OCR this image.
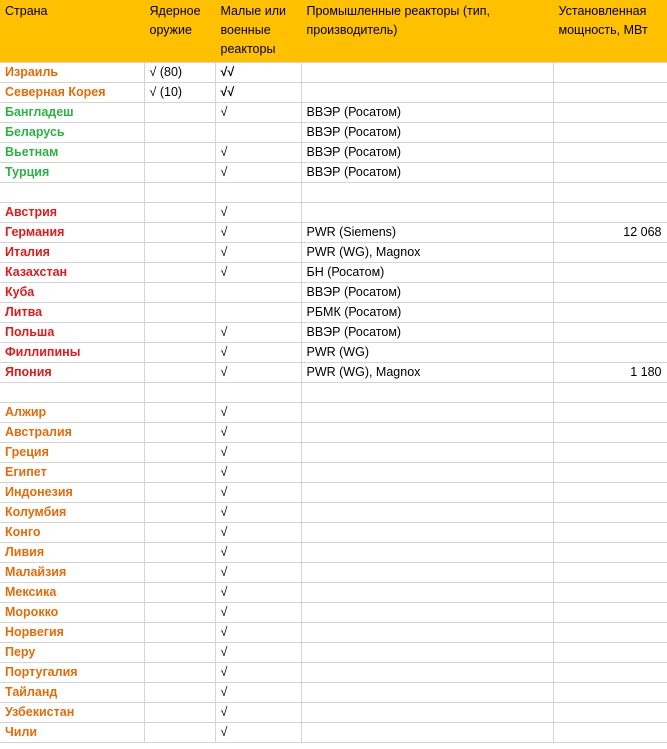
Страна	Ядерное оружие	Малые или военные реакторы	Промышленные реакторы (тип, производитель)	Установленная мощность, МВт
Израиль	√ (80)	√√		
Северная Корея	√ (10)	√√		
Бангладеш		√	ВВЭР (Росатом)	
Беларусь			ВВЭР (Росатом)	
Вьетнам		√	ВВЭР (Росатом)	
Турция		√	ВВЭР (Росатом)	

Австрия		√		
Германия		√	PWR (Siemens)	12 068
Италия		√	PWR (WG), Magnox	
Казахстан		√	БН (Росатом)	
Куба			ВВЭР (Росатом)	
Литва			РБМК (Росатом)	
Польша		√	ВВЭР (Росатом)	
Филлипины		√	PWR (WG)	
Япония		√	PWR (WG), Magnox	1 180

Алжир		√		
Австралия		√		
Греция		√		
Египет		√		
Индонезия		√		
Колумбия		√		
Конго		√		
Ливия		√		
Малайзия		√		
Мексика		√		
Морокко		√		
Норвегия		√		
Перу		√		
Португалия		√		
Тайланд		√		
Узбекистан		√		
Чили		√		
